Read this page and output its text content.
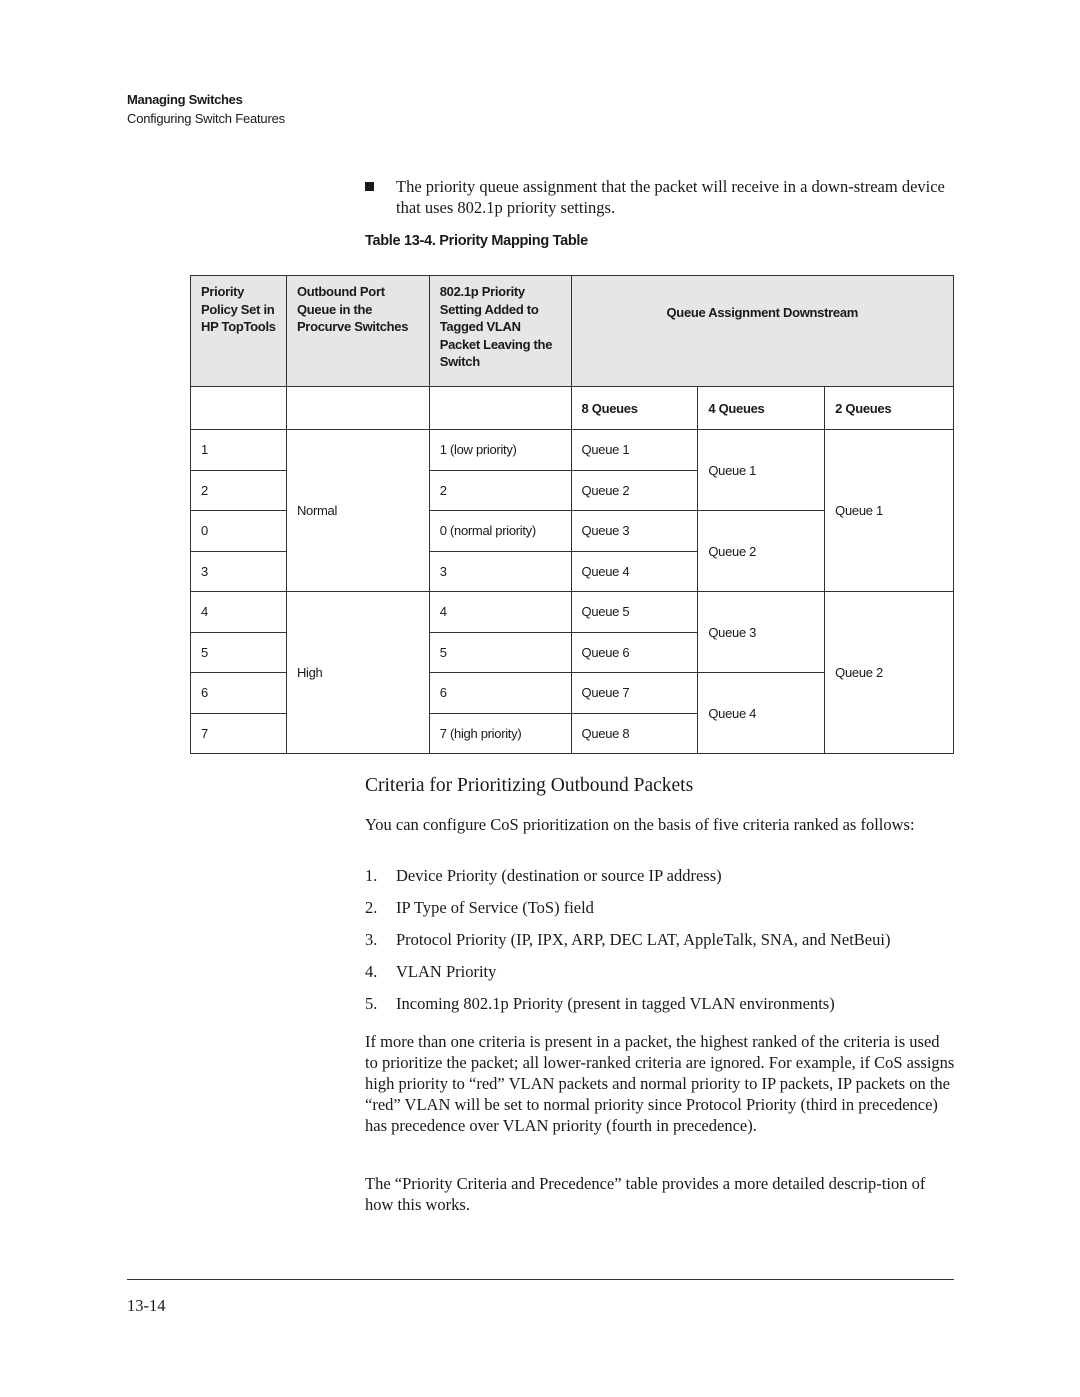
Managing Switches
Configuring Switch Features
The priority queue assignment that the packet will receive in a down-stream device that uses 802.1p priority settings.
Table 13-4. Priority Mapping Table
Priority Policy Set in HP TopTools	Outbound Port Queue in the Procurve Switches	802.1p Priority Setting Added to Tagged VLAN Packet Leaving the Switch	Queue Assignment Downstream		
			8 Queues	4 Queues	2 Queues
1	Normal	1 (low priority)	Queue 1	Queue 1	Queue 1
2		2	Queue 2		
0		0 (normal priority)	Queue 3	Queue 2	
3		3	Queue 4		
4	High	4	Queue 5	Queue 3	Queue 2
5		5	Queue 6		
6		6	Queue 7	Queue 4	
7		7 (high priority)	Queue 8		
Criteria for Prioritizing Outbound Packets
You can configure CoS prioritization on the basis of five criteria ranked as follows:
1. Device Priority (destination or source IP address)
2. IP Type of Service (ToS) field
3. Protocol Priority (IP, IPX, ARP, DEC LAT, AppleTalk, SNA, and NetBeui)
4. VLAN Priority
5. Incoming 802.1p Priority (present in tagged VLAN environments)
If more than one criteria is present in a packet, the highest ranked of the criteria is used to prioritize the packet; all lower-ranked criteria are ignored. For example, if CoS assigns high priority to “red” VLAN packets and normal priority to IP packets, IP packets on the “red” VLAN will be set to normal priority since Protocol Priority (third in precedence) has precedence over VLAN priority (fourth in precedence).
The “Priority Criteria and Precedence” table provides a more detailed descrip-tion of how this works.
13-14
